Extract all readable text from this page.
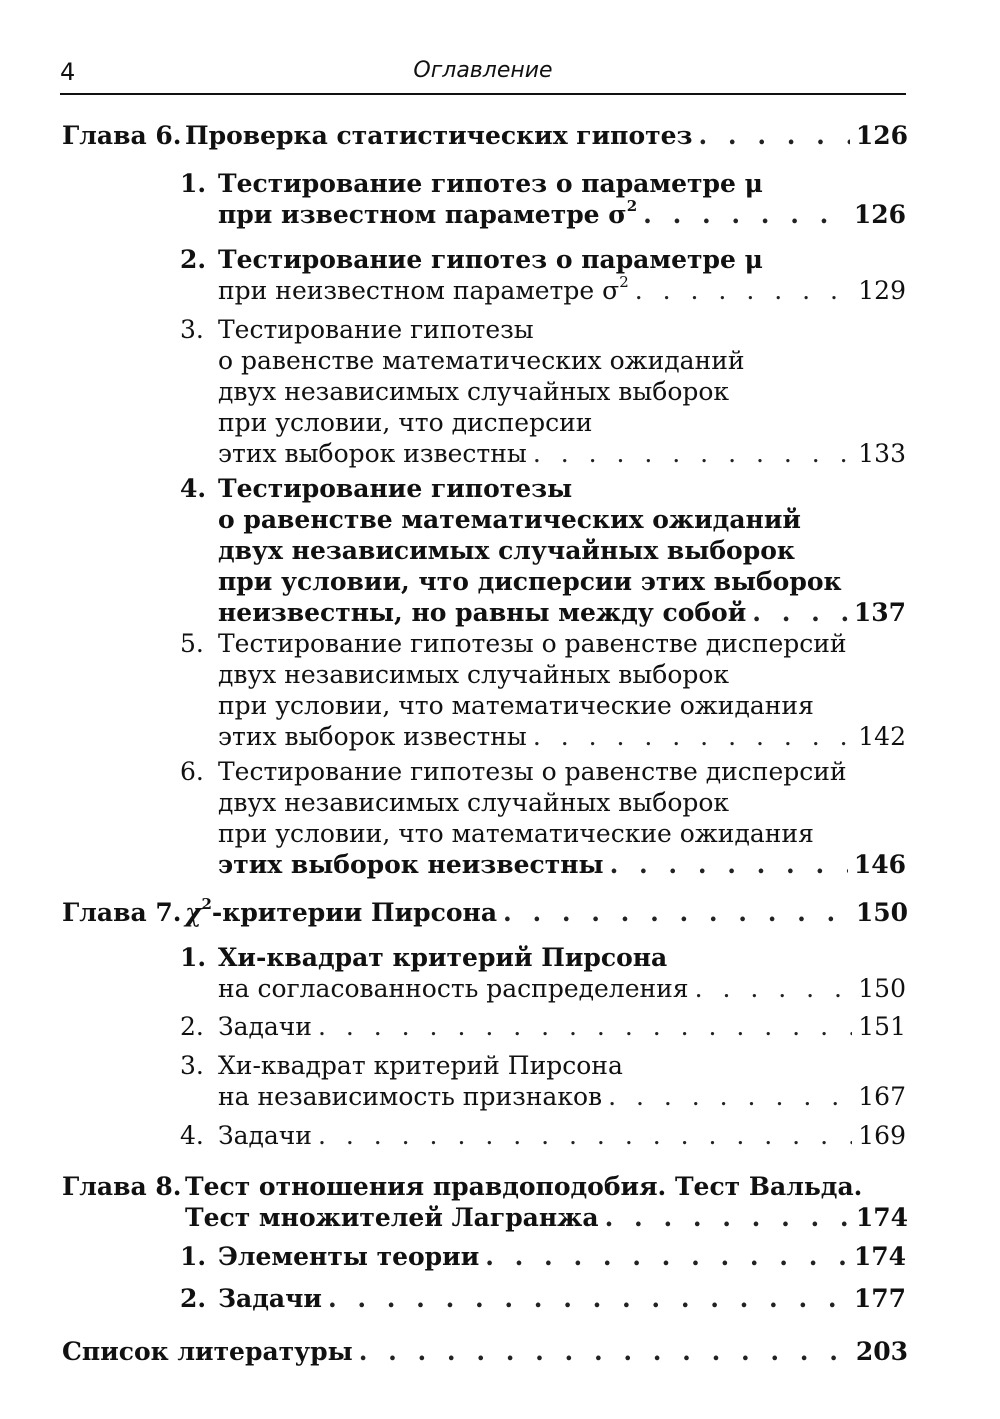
4	Оглавление
Глава 6. Проверка статистических гипотез . . .	126
1. Тестирование гипотез о параметре μ
при известном параметре $\sigma^2$ . . .	126
2. Тестирование гипотез о параметре μ
при неизвестном параметре $\sigma^2$ . . .	129
3. Тестирование гипотезы
о равенстве математических ожиданий
двух независимых случайных выборок
при условии, что дисперсии
этих выборок известны . . .	133
4. Тестирование гипотезы
о равенстве математических ожиданий
двух независимых случайных выборок
при условии, что дисперсии этих выборок
неизвестны, но равны между собой . . .	137
5. Тестирование гипотезы о равенстве дисперсий
двух независимых случайных выборок
при условии, что математические ожидания
этих выборок известны . . .	142
6. Тестирование гипотезы о равенстве дисперсий
двух независимых случайных выборок
при условии, что математические ожидания
этих выборок неизвестны . . .	146
Глава 7. $\chi^2$-критерии Пирсона . . .	150
1. Хи-квадрат критерий Пирсона
на согласованность распределения . . .	150
2. Задачи . . .	151
3. Хи-квадрат критерий Пирсона
на независимость признаков . . .	167
4. Задачи . . .	169
Глава 8. Тест отношения правдоподобия. Тест Вальда.
Тест множителей Лагранжа . . .	174
1. Элементы теории . . .	174
2. Задачи . . .	177
Список литературы . . .	203
